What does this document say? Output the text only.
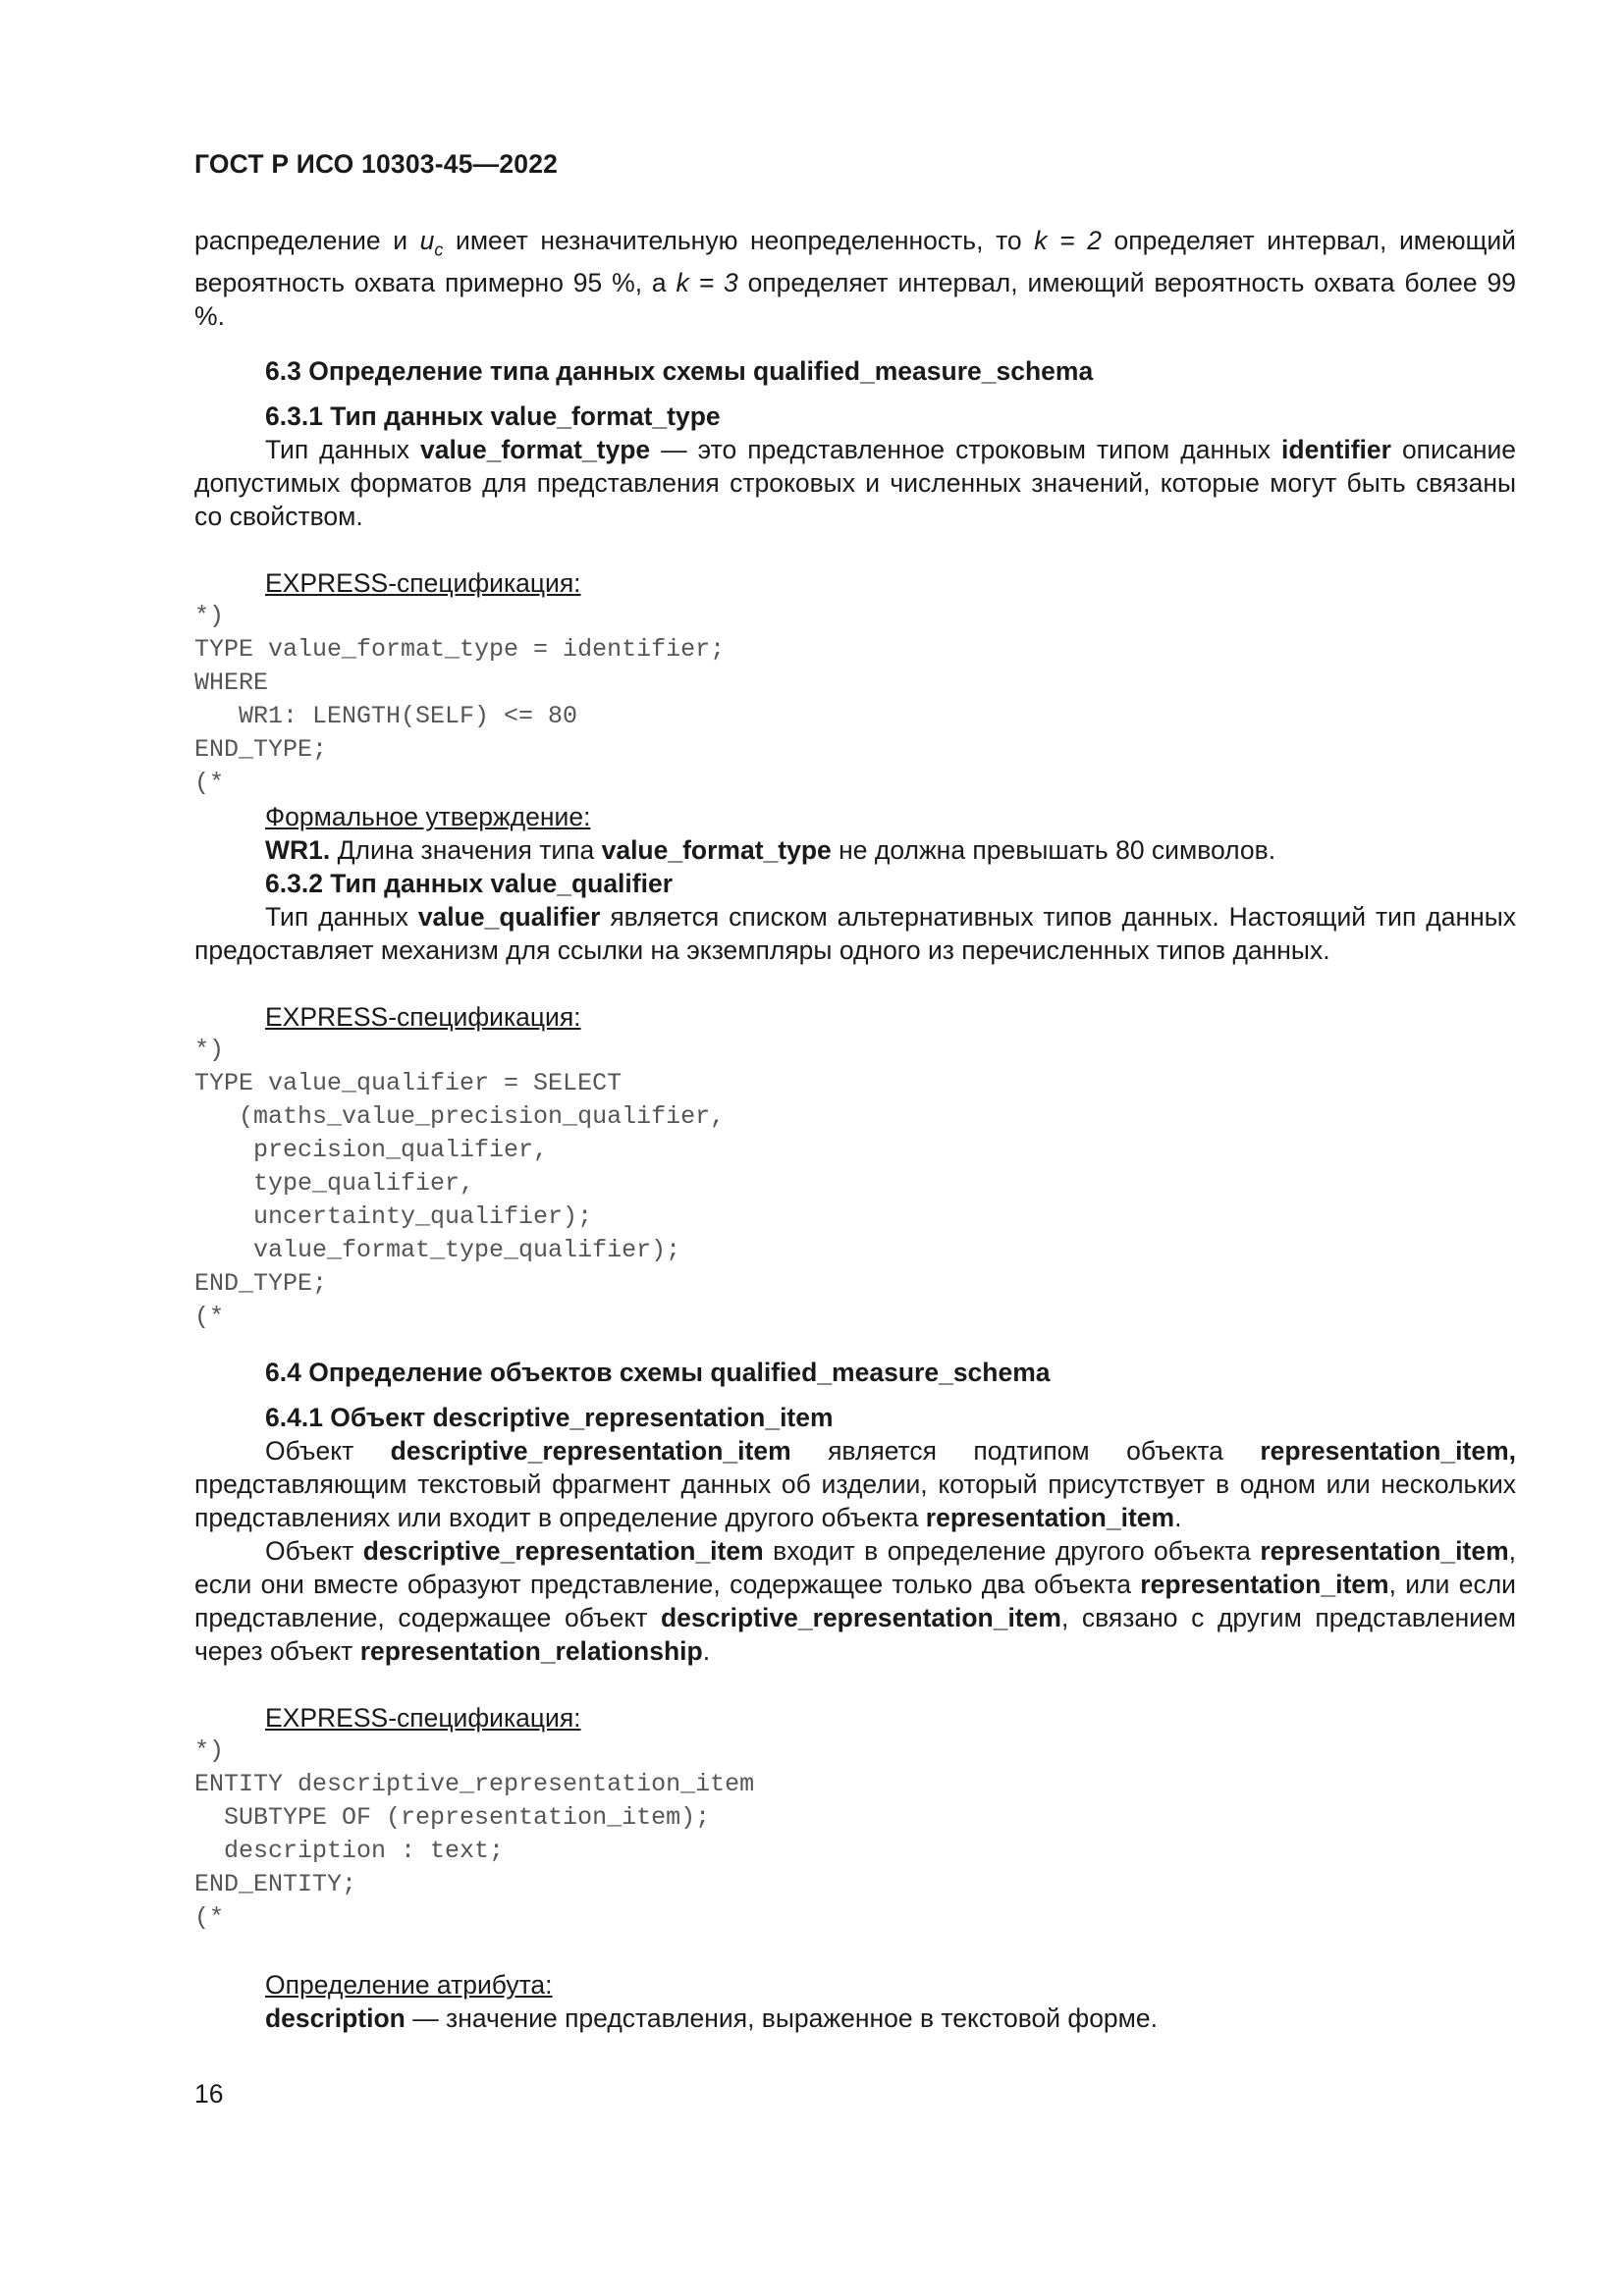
ГОСТ Р ИСО 10303-45—2022

распределение и $u_c$ имеет незначительную неопределенность, то k = 2 определяет интервал, имеющий вероятность охвата примерно 95 %, а k = 3 определяет интервал, имеющий вероятность охвата более 99 %.

6.3 Определение типа данных схемы qualified_measure_schema

6.3.1 Тип данных value_format_type

Тип данных value_format_type — это представленное строковым типом данных identifier описание допустимых форматов для представления строковых и численных значений, которые могут быть связаны со свойством.

EXPRESS-спецификация:

*)
TYPE value_format_type = identifier;
WHERE
WR1: LENGTH(SELF) <= 80
END_TYPE;
(*

Формальное утверждение:

WR1. Длина значения типа value_format_type не должна превышать 80 символов.

6.3.2 Тип данных value_qualifier

Тип данных value_qualifier является списком альтернативных типов данных. Настоящий тип данных предоставляет механизм для ссылки на экземпляры одного из перечисленных типов данных.

EXPRESS-спецификация:

*)
TYPE value_qualifier = SELECT
(maths_value_precision_qualifier,
precision_qualifier,
type_qualifier,
uncertainty_qualifier);
value_format_type_qualifier);
END_TYPE;
(*

6.4 Определение объектов схемы qualified_measure_schema

6.4.1 Объект descriptive_representation_item

Объект descriptive_representation_item является подтипом объекта representation_item, представляющим текстовый фрагмент данных об изделии, который присутствует в одном или нескольких представлениях или входит в определение другого объекта representation_item.

Объект descriptive_representation_item входит в определение другого объекта representation_item, если они вместе образуют представление, содержащее только два объекта representation_item, или если представление, содержащее объект descriptive_representation_item, связано с другим представлением через объект representation_relationship.

EXPRESS-спецификация:

*)
ENTITY descriptive_representation_item
SUBTYPE OF (representation_item);
description : text;
END_ENTITY;
(*

Определение атрибута:

description — значение представления, выраженное в текстовой форме.

16
